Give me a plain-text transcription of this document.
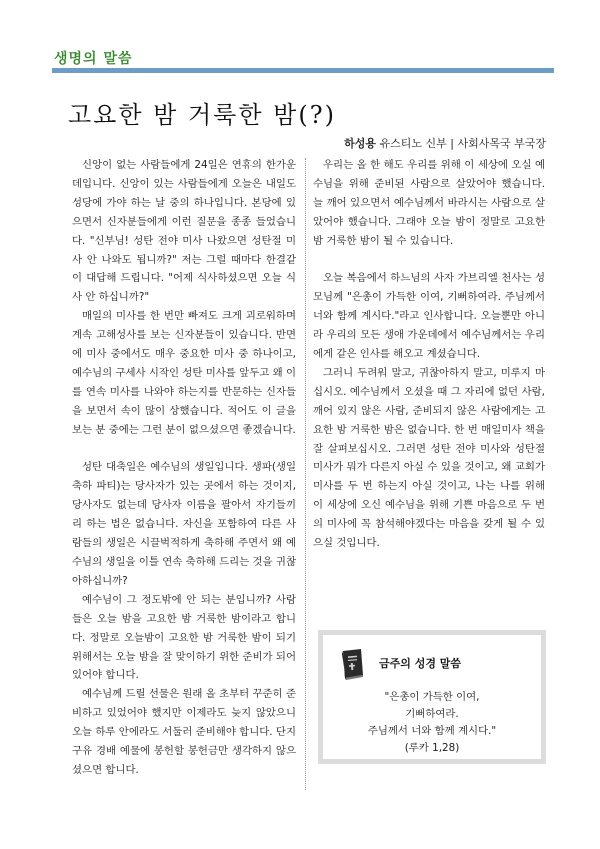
생명의 말씀
고요한 밤 거룩한 밤(?)
하성용 유스티노 신부 | 사회사목국 부국장

신앙이 없는 사람들에게 24일은 연휴의 한가운데입니다. 신앙이 있는 사람들에게 오늘은 내일도 성당에 가야 하는 날 중의 하나입니다. 본당에 있으면서 신자분들에게 이런 질문을 종종 들었습니다. "신부님! 성탄 전야 미사 나왔으면 성탄절 미사 안 나와도 됩니까?" 저는 그럴 때마다 한결같이 대답해 드립니다. "어제 식사하셨으면 오늘 식사 안 하십니까?"

매일의 미사를 한 번만 빠져도 크게 괴로워하며 계속 고해성사를 보는 신자분들이 있습니다. 반면에 미사 중에서도 매우 중요한 미사 중 하나이고, 예수님의 구세사 시작인 성탄 미사를 앞두고 왜 이를 연속 미사를 나와야 하는지를 반문하는 신자들을 보면서 속이 많이 상했습니다. 적어도 이 글을 보는 분 중에는 그런 분이 없으셨으면 좋겠습니다.

성탄 대축일은 예수님의 생일입니다. 생파(생일 축하 파티)는 당사자가 있는 곳에서 하는 것이지, 당사자도 없는데 당사자 이름을 팔아서 자기들끼리 하는 법은 없습니다. 자신을 포함하여 다른 사람들의 생일은 시끌벅적하게 축하해 주면서 왜 예수님의 생일을 이틀 연속 축하해 드리는 것을 귀찮아하십니까?

예수님이 그 정도밖에 안 되는 분입니까? 사람들은 오늘 밤을 고요한 밤 거룩한 밤이라고 합니다. 정말로 오늘밤이 고요한 밤 거룩한 밤이 되기 위해서는 오늘 밤을 잘 맞이하기 위한 준비가 되어 있어야 합니다.

예수님께 드릴 선물은 원래 올 초부터 꾸준히 준비하고 있었어야 했지만 이제라도 늦지 않았으니 오늘 하루 안에라도 서둘러 준비해야 합니다. 단지 구유 경배 예물에 봉헌할 봉헌금만 생각하지 않으셨으면 합니다.

우리는 올 한 해도 우리를 위해 이 세상에 오실 예수님을 위해 준비된 사람으로 살았어야 했습니다. 늘 깨어 있으면서 예수님께서 바라시는 사람으로 살았어야 했습니다. 그래야 오늘 밤이 정말로 고요한 밤 거룩한 밤이 될 수 있습니다.

오늘 복음에서 하느님의 사자 가브리엘 천사는 성모님께 "은총이 가득한 이여, 기뻐하여라. 주님께서 너와 함께 계시다."라고 인사합니다. 오늘뿐만 아니라 우리의 모든 생애 가운데에서 예수님께서는 우리에게 같은 인사를 해오고 계셨습니다.

그러니 두려워 말고, 귀찮아하지 말고, 미루지 마십시오. 예수님께서 오셨을 때 그 자리에 없던 사람, 깨어 있지 않은 사람, 준비되지 않은 사람에게는 고요한 밤 거룩한 밤은 없습니다. 한 번 매일미사 책을 잘 살펴보십시오. 그러면 성탄 전야 미사와 성탄절 미사가 뭐가 다른지 아실 수 있을 것이고, 왜 교회가 미사를 두 번 하는지 아실 것이고, 나는 나를 위해 이 세상에 오신 예수님을 위해 기쁜 마음으로 두 번의 미사에 꼭 참석해야겠다는 마음을 갖게 될 수 있으실 것입니다.

금주의 성경 말씀
"은총이 가득한 이여,
기뻐하여라.
주님께서 너와 함께 계시다."
(루카 1,28)
